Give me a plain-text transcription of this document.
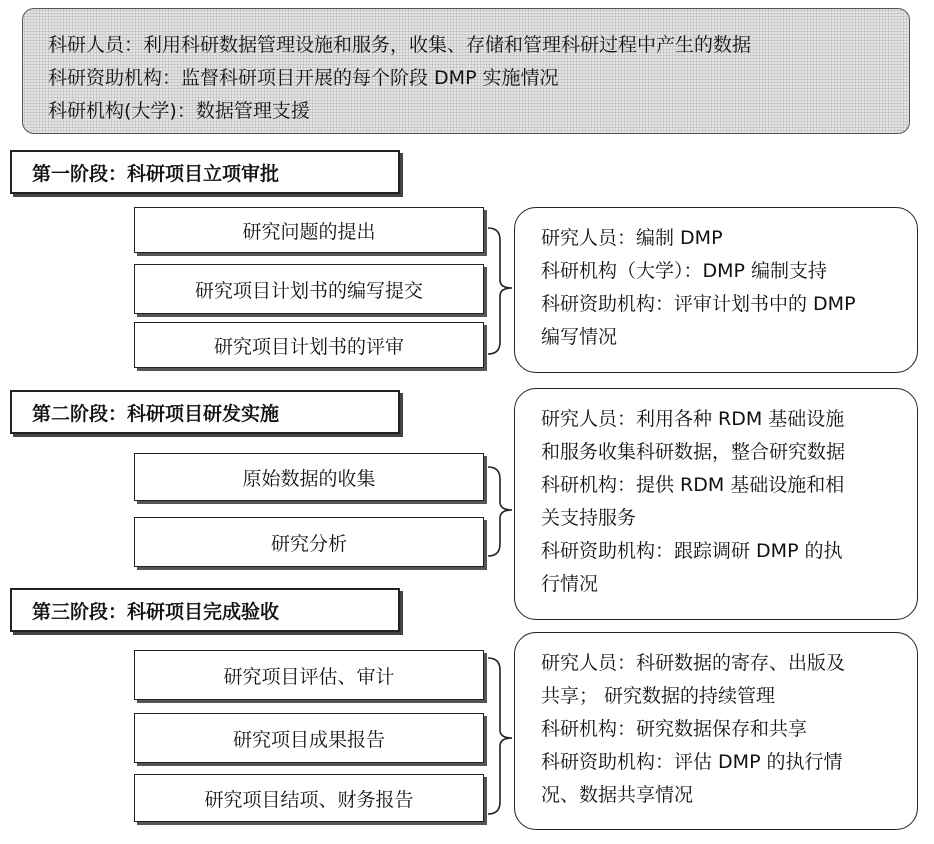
科研人员：利用科研数据管理设施和服务，收集、存储和管理科研过程中产生的数据
科研资助机构：监督科研项目开展的每个阶段 DMP 实施情况
科研机构(大学)：数据管理支援
第一阶段：科研项目立项审批
研究问题的提出
研究项目计划书的编写提交
研究项目计划书的评审
研究人员：编制 DMP
科研机构（大学）：DMP 编制支持
科研资助机构：评审计划书中的 DMP
编写情况
第二阶段：科研项目研发实施
原始数据的收集
研究分析
研究人员：利用各种 RDM 基础设施
和服务收集科研数据，整合研究数据
科研机构：提供 RDM 基础设施和相
关支持服务
科研资助机构：跟踪调研 DMP 的执
行情况
第三阶段：科研项目完成验收
研究项目评估、审计
研究项目成果报告
研究项目结项、财务报告
研究人员：科研数据的寄存、出版及
共享； 研究数据的持续管理
科研机构：研究数据保存和共享
科研资助机构：评估 DMP 的执行情
况、数据共享情况
